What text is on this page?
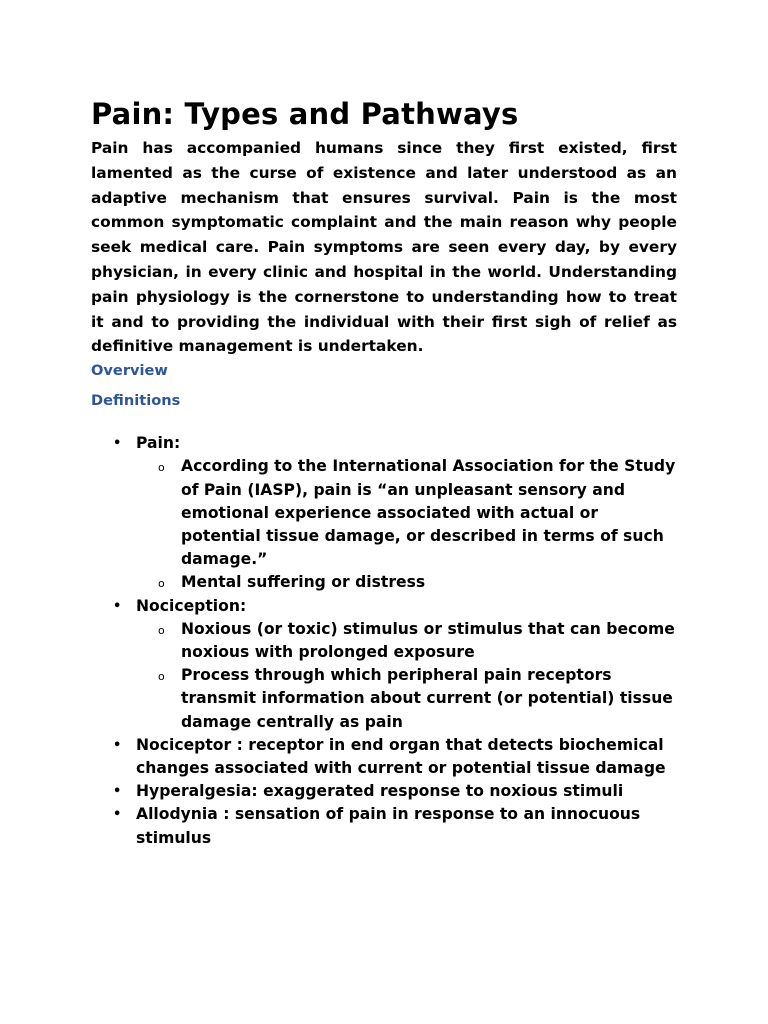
Pain: Types and Pathways

Pain has accompanied humans since they first existed, first lamented as the curse of existence and later understood as an adaptive mechanism that ensures survival. Pain is the most common symptomatic complaint and the main reason why people seek medical care. Pain symptoms are seen every day, by every physician, in every clinic and hospital in the world. Understanding pain physiology is the cornerstone to understanding how to treat it and to providing the individual with their first sigh of relief as definitive management is undertaken.

Overview
Definitions
• Pain:
o According to the International Association for the Study of Pain (IASP), pain is “an unpleasant sensory and emotional experience associated with actual or potential tissue damage, or described in terms of such damage.”
o Mental suffering or distress
• Nociception:
o Noxious (or toxic) stimulus or stimulus that can become noxious with prolonged exposure
o Process through which peripheral pain receptors transmit information about current (or potential) tissue damage centrally as pain
• Nociceptor : receptor in end organ that detects biochemical changes associated with current or potential tissue damage
• Hyperalgesia: exaggerated response to noxious stimuli
• Allodynia : sensation of pain in response to an innocuous stimulus
